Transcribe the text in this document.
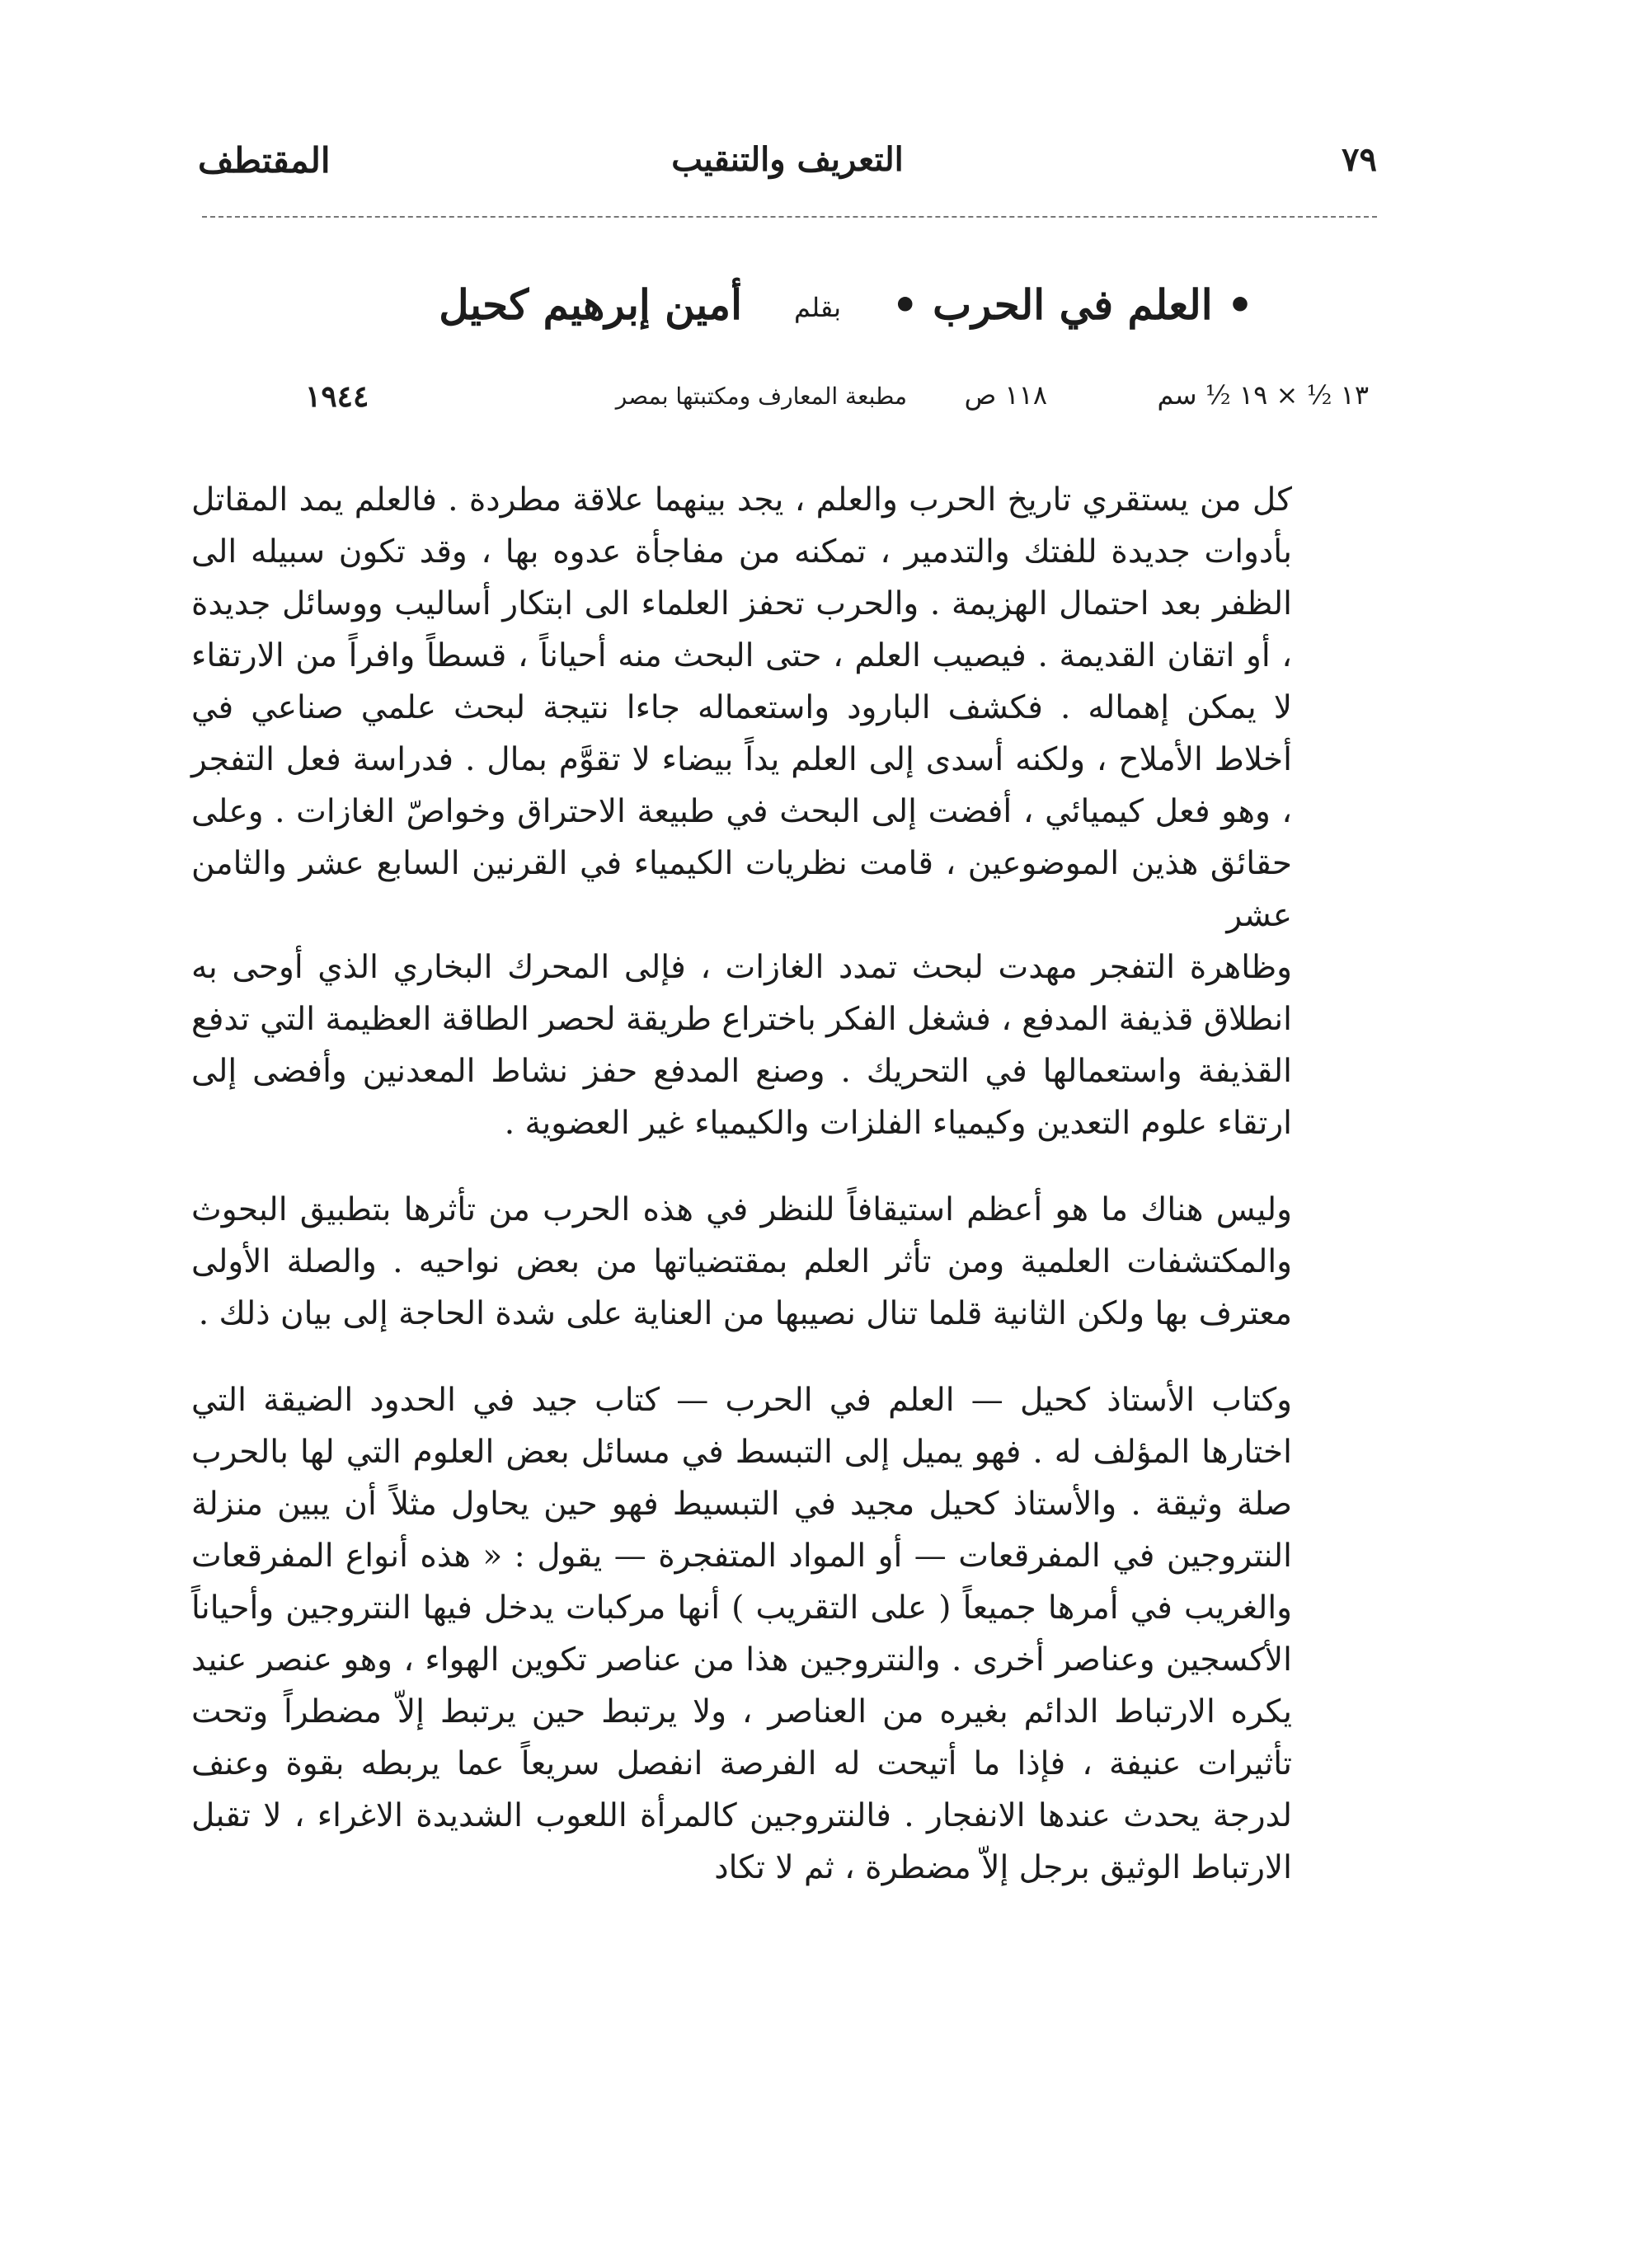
٧٩
التعريف والتنقيب
المقتطف
• العلم في الحرب •
بقلم
أمين إبرهيم كحيل
١٣ ½ × ١٩ ½ سم
١١٨ ص
مطبعة المعارف ومكتبتها بمصر
١٩٤٤

كل من يستقري تاريخ الحرب والعلم ، يجد بينهما علاقة مطردة . فالعلم يمد المقاتل بأدوات جديدة للفتك والتدمير ، تمكنه من مفاجأة عدوه بها ، وقد تكون سبيله الى الظفر بعد احتمال الهزيمة . والحرب تحفز العلماء الى ابتكار أساليب ووسائل جديدة ، أو اتقان القديمة . فيصيب العلم ، حتى البحث منه أحياناً ، قسطاً وافراً من الارتقاء لا يمكن إهماله . فكشف البارود واستعماله جاءا نتيجة لبحث علمي صناعي في أخلاط الأملاح ، ولكنه أسدى إلى العلم يداً بيضاء لا تقوَّم بمال . فدراسة فعل التفجر ، وهو فعل كيميائي ، أفضت إلى البحث في طبيعة الاحتراق وخواصّ الغازات . وعلى حقائق هذين الموضوعين ، قامت نظريات الكيمياء في القرنين السابع عشر والثامن عشر

وظاهرة التفجر مهدت لبحث تمدد الغازات ، فإلى المحرك البخاري الذي أوحى به انطلاق قذيفة المدفع ، فشغل الفكر باختراع طريقة لحصر الطاقة العظيمة التي تدفع القذيفة واستعمالها في التحريك . وصنع المدفع حفز نشاط المعدنين وأفضى إلى ارتقاء علوم التعدين وكيمياء الفلزات والكيمياء غير العضوية .

وليس هناك ما هو أعظم استيقافاً للنظر في هذه الحرب من تأثرها بتطبيق البحوث والمكتشفات العلمية ومن تأثر العلم بمقتضياتها من بعض نواحيه . والصلة الأولى معترف بها ولكن الثانية قلما تنال نصيبها من العناية على شدة الحاجة إلى بيان ذلك .

وكتاب الأستاذ كحيل — العلم في الحرب — كتاب جيد في الحدود الضيقة التي اختارها المؤلف له . فهو يميل إلى التبسط في مسائل بعض العلوم التي لها بالحرب صلة وثيقة . والأستاذ كحيل مجيد في التبسيط فهو حين يحاول مثلاً أن يبين منزلة النتروجين في المفرقعات — أو المواد المتفجرة — يقول : « هذه أنواع المفرقعات والغريب في أمرها جميعاً ( على التقريب ) أنها مركبات يدخل فيها النتروجين وأحياناً الأكسجين وعناصر أخرى . والنتروجين هذا من عناصر تكوين الهواء ، وهو عنصر عنيد يكره الارتباط الدائم بغيره من العناصر ، ولا يرتبط حين يرتبط إلاّ مضطراً وتحت تأثيرات عنيفة ، فإذا ما أتيحت له الفرصة انفصل سريعاً عما يربطه بقوة وعنف لدرجة يحدث عندها الانفجار . فالنتروجين كالمرأة اللعوب الشديدة الاغراء ، لا تقبل الارتباط الوثيق برجل إلاّ مضطرة ، ثم لا تكاد
